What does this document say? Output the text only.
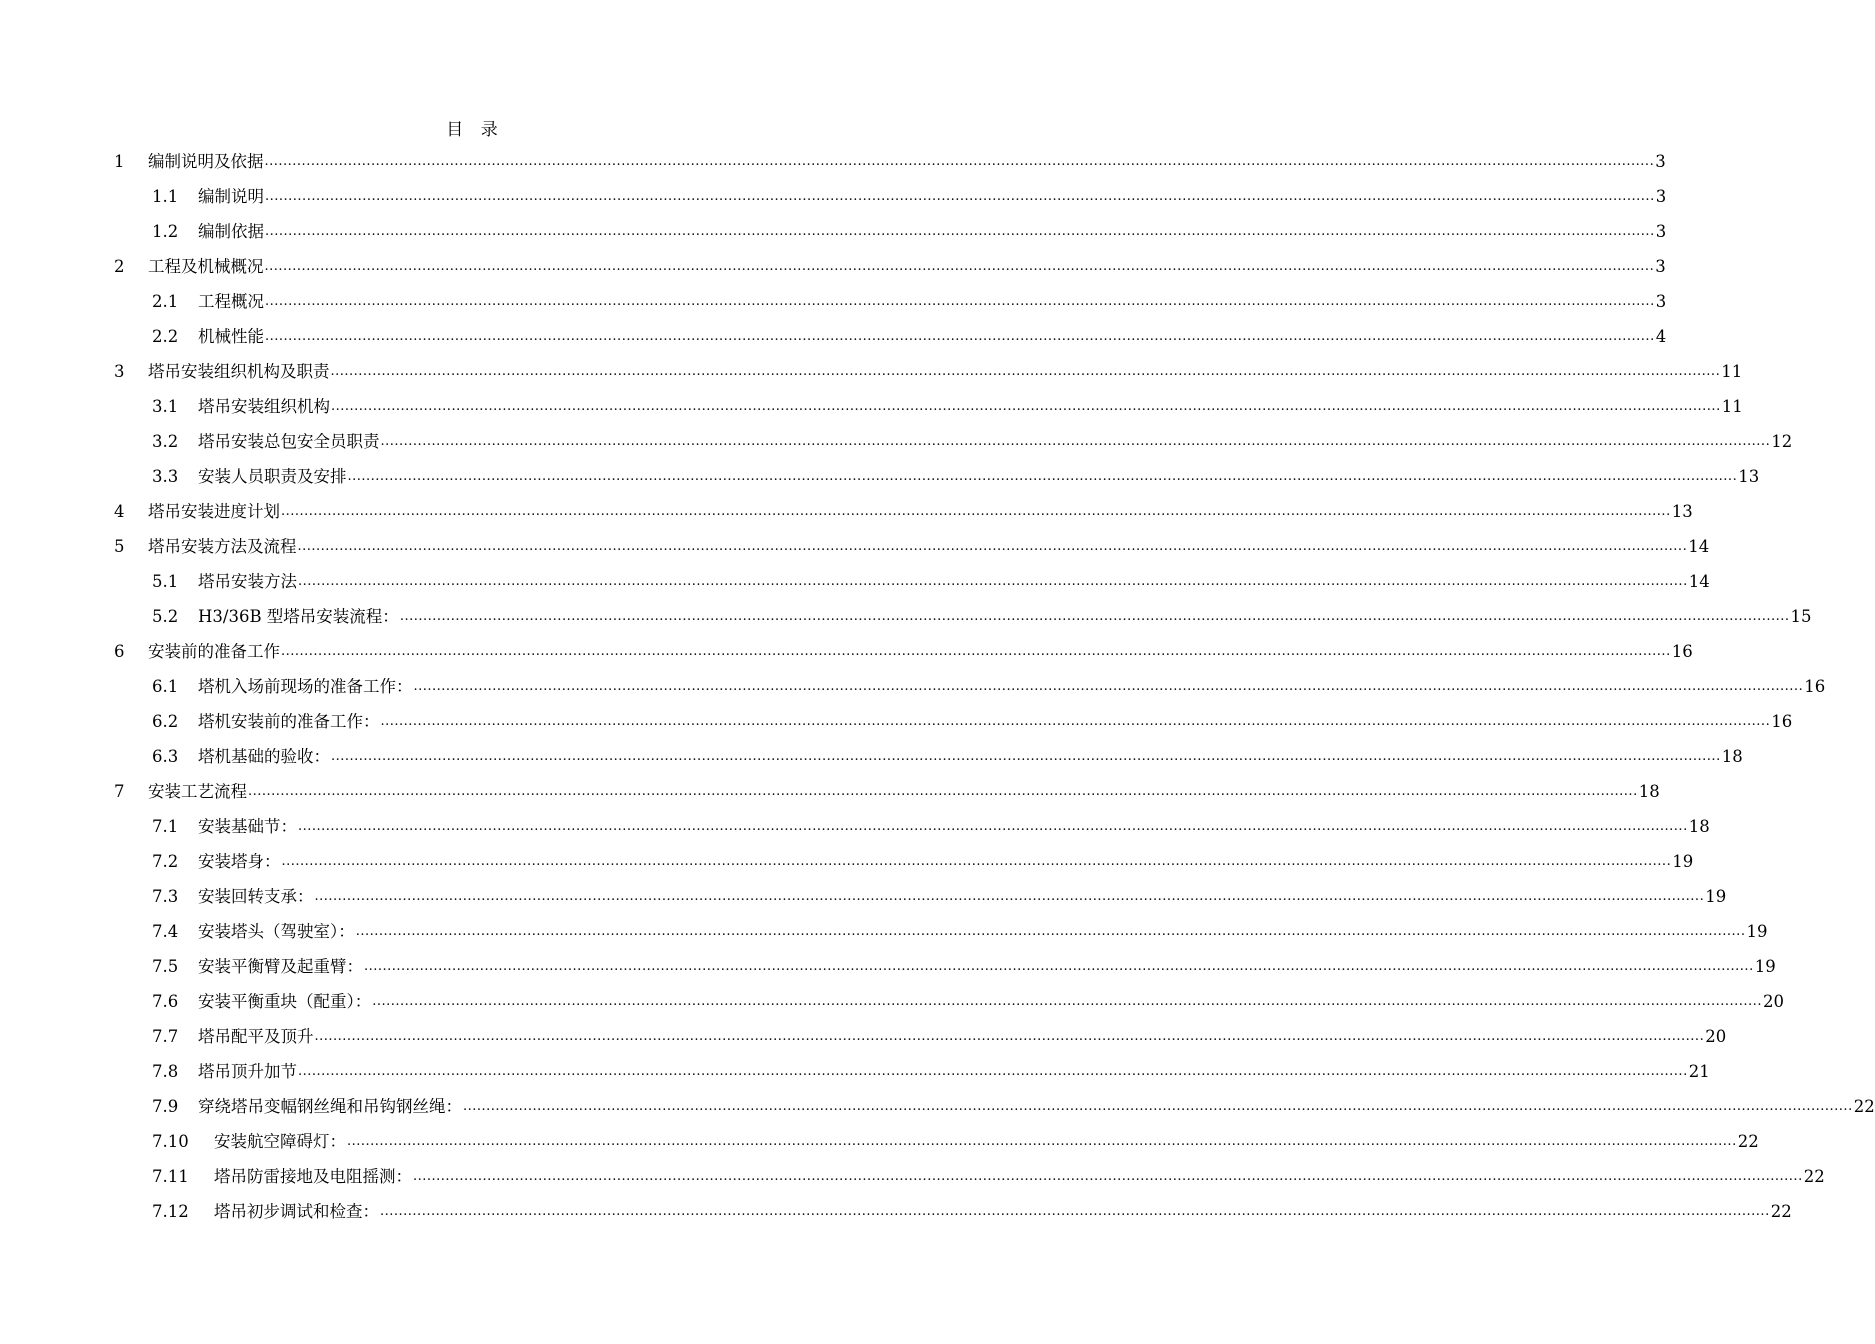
目 录
1	编制说明及依据 ............................................................................................................................................................................................................................................................................................................ 3
1.1	编制说明 ............................................................................................................................................................................................................................................................................................................ 3
1.2	编制依据 ............................................................................................................................................................................................................................................................................................................ 3
2	工程及机械概况 ............................................................................................................................................................................................................................................................................................................ 3
2.1	工程概况 ............................................................................................................................................................................................................................................................................................................ 3
2.2	机械性能 ............................................................................................................................................................................................................................................................................................................ 4
3	塔吊安装组织机构及职责 ............................................................................................................................................................................................................................................................................................................ 11
3.1	塔吊安装组织机构 ............................................................................................................................................................................................................................................................................................................ 11
3.2	塔吊安装总包安全员职责 ............................................................................................................................................................................................................................................................................................................ 12
3.3	安装人员职责及安排 ............................................................................................................................................................................................................................................................................................................ 13
4	塔吊安装进度计划 ............................................................................................................................................................................................................................................................................................................ 13
5	塔吊安装方法及流程 ............................................................................................................................................................................................................................................................................................................ 14
5.1	塔吊安装方法 ............................................................................................................................................................................................................................................................................................................ 14
5.2	H3/36B 型塔吊安装流程： ............................................................................................................................................................................................................................................................................................................ 15
6	安装前的准备工作 ............................................................................................................................................................................................................................................................................................................ 16
6.1	塔机入场前现场的准备工作： ............................................................................................................................................................................................................................................................................................................ 16
6.2	塔机安装前的准备工作： ............................................................................................................................................................................................................................................................................................................ 16
6.3	塔机基础的验收： ............................................................................................................................................................................................................................................................................................................ 18
7	安装工艺流程 ............................................................................................................................................................................................................................................................................................................ 18
7.1	安装基础节： ............................................................................................................................................................................................................................................................................................................ 18
7.2	安装塔身： ............................................................................................................................................................................................................................................................................................................ 19
7.3	安装回转支承： ............................................................................................................................................................................................................................................................................................................ 19
7.4	安装塔头（驾驶室）： ............................................................................................................................................................................................................................................................................................................ 19
7.5	安装平衡臂及起重臂： ............................................................................................................................................................................................................................................................................................................ 19
7.6	安装平衡重块（配重）： ............................................................................................................................................................................................................................................................................................................ 20
7.7	塔吊配平及顶升 ............................................................................................................................................................................................................................................................................................................ 20
7.8	塔吊顶升加节 ............................................................................................................................................................................................................................................................................................................ 21
7.9	穿绕塔吊变幅钢丝绳和吊钩钢丝绳： ............................................................................................................................................................................................................................................................................................................ 22
7.10	安装航空障碍灯： ............................................................................................................................................................................................................................................................................................................ 22
7.11	塔吊防雷接地及电阻摇测： ............................................................................................................................................................................................................................................................................................................ 22
7.12	塔吊初步调试和检查： ............................................................................................................................................................................................................................................................................................................ 22
